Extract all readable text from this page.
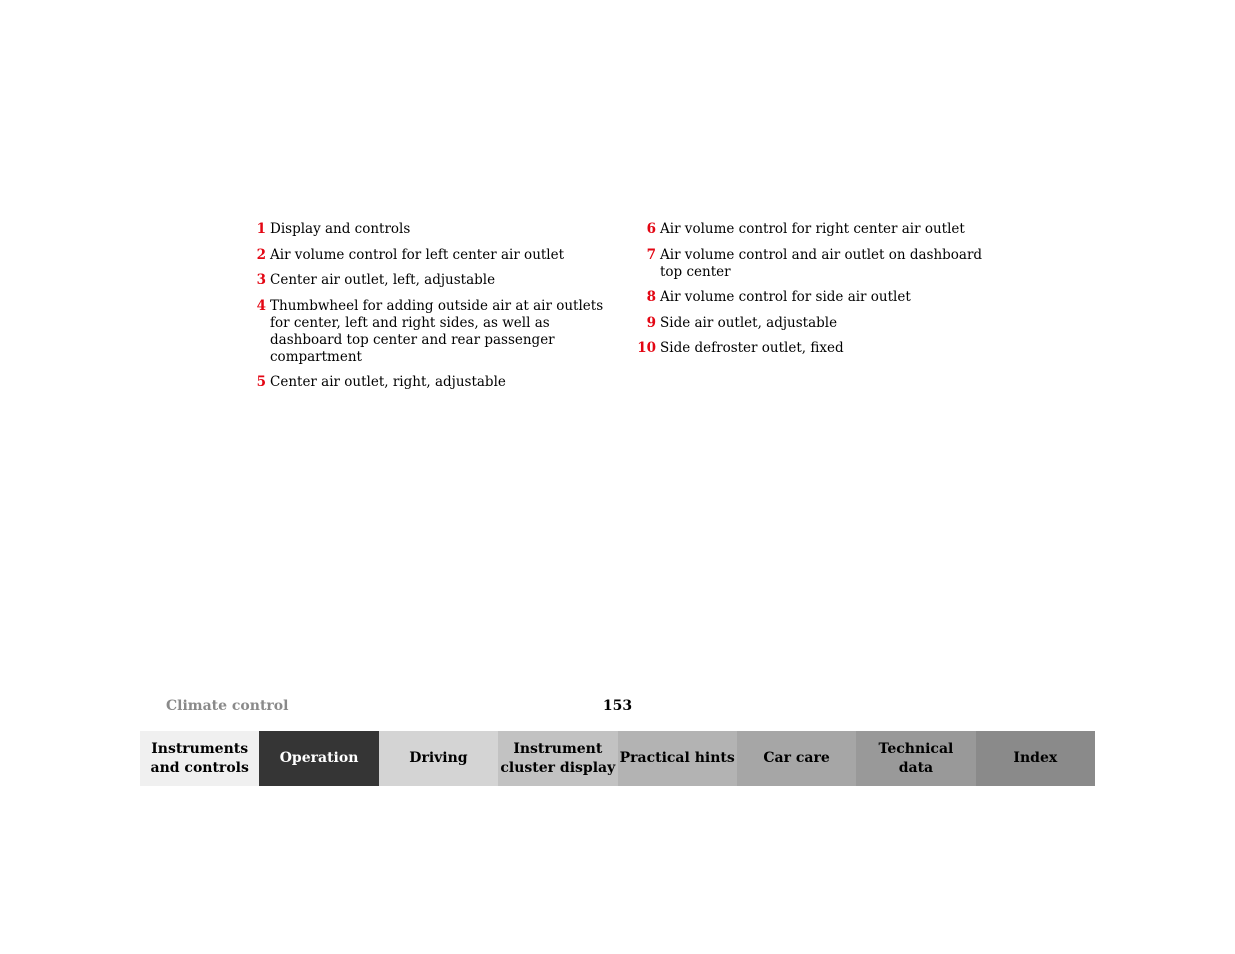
1 Display and controls
2 Air volume control for left center air outlet
3 Center air outlet, left, adjustable
4 Thumbwheel for adding outside air at air outlets for center, left and right sides, as well as dashboard top center and rear passenger compartment
5 Center air outlet, right, adjustable
6 Air volume control for right center air outlet
7 Air volume control and air outlet on dashboard top center
8 Air volume control for side air outlet
9 Side air outlet, adjustable
10 Side defroster outlet, fixed
Climate control	153
Instruments
and controls
Operation	Driving
Instrument
cluster display
Practical hints	Car care
Technical
data
Index
